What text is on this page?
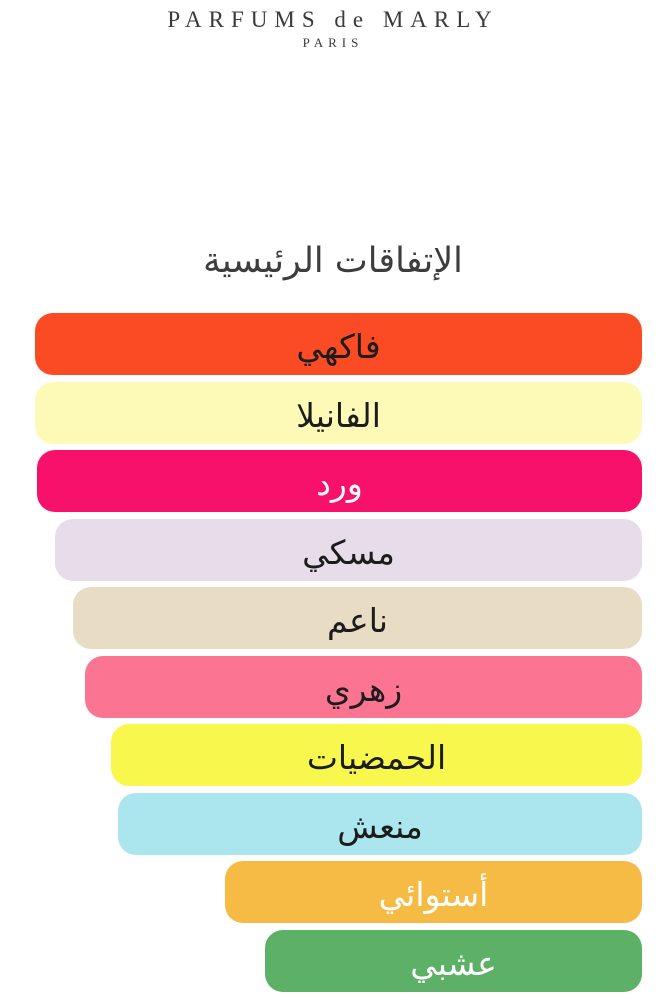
PARFUMS de MARLY
PARIS
الإتفاقات الرئيسية
فاكهي
الفانيلا
ورد
مسكي
ناعم
زهري
الحمضيات
منعش
أستوائي
عشبي
